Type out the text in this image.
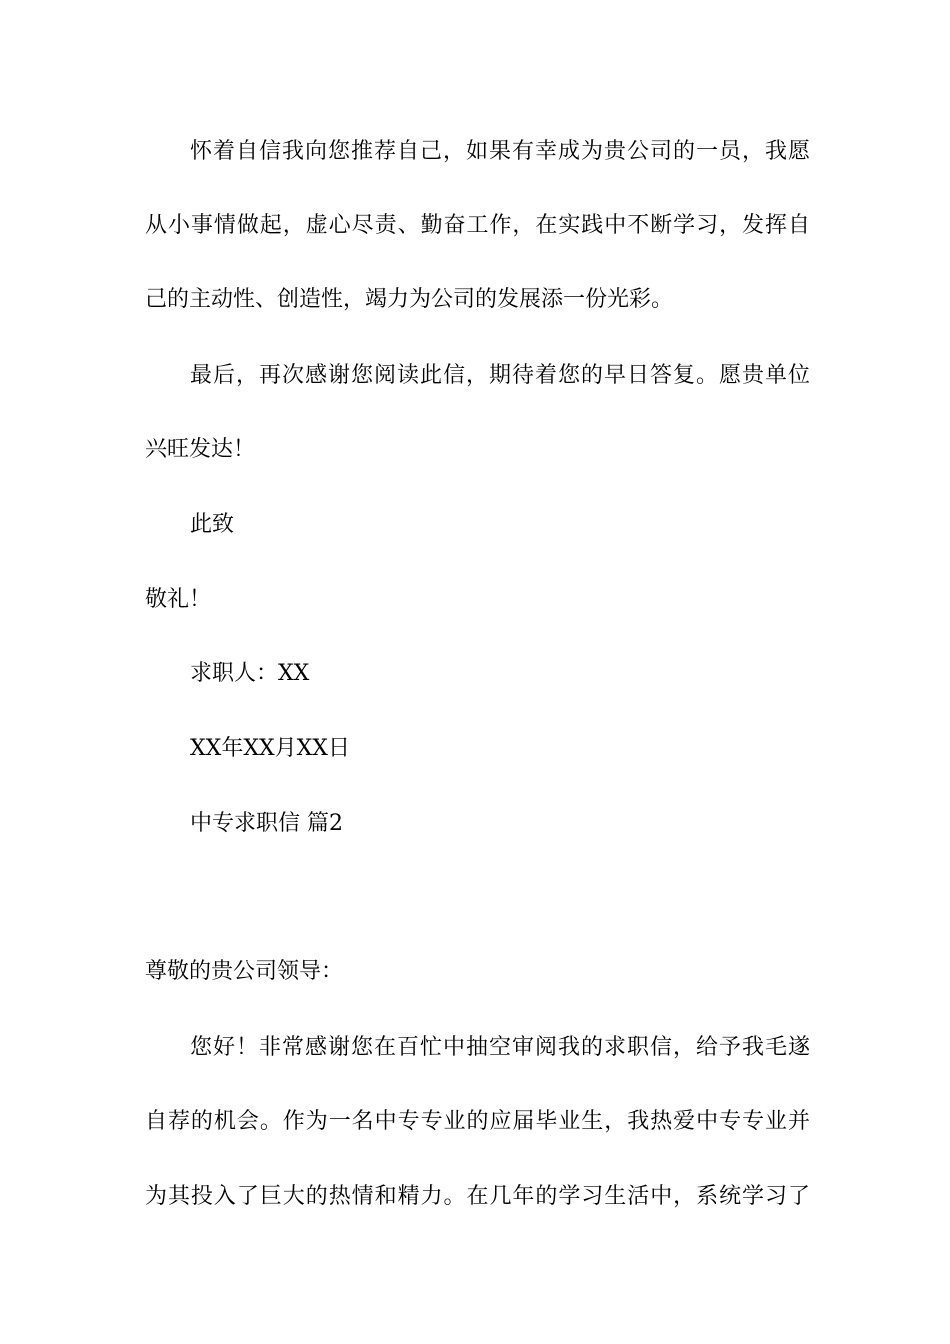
怀着自信我向您推荐自己，如果有幸成为贵公司的一员，我愿
从小事情做起，虚心尽责、勤奋工作，在实践中不断学习，发挥自
己的主动性、创造性，竭力为公司的发展添一份光彩。
最后，再次感谢您阅读此信，期待着您的早日答复。愿贵单位
兴旺发达！
此致
敬礼！
求职人：XX
XX年XX月XX日
中专求职信 篇2
尊敬的贵公司领导：
您好！非常感谢您在百忙中抽空审阅我的求职信，给予我毛遂
自荐的机会。作为一名中专专业的应届毕业生，我热爱中专专业并
为其投入了巨大的热情和精力。在几年的学习生活中，系统学习了
